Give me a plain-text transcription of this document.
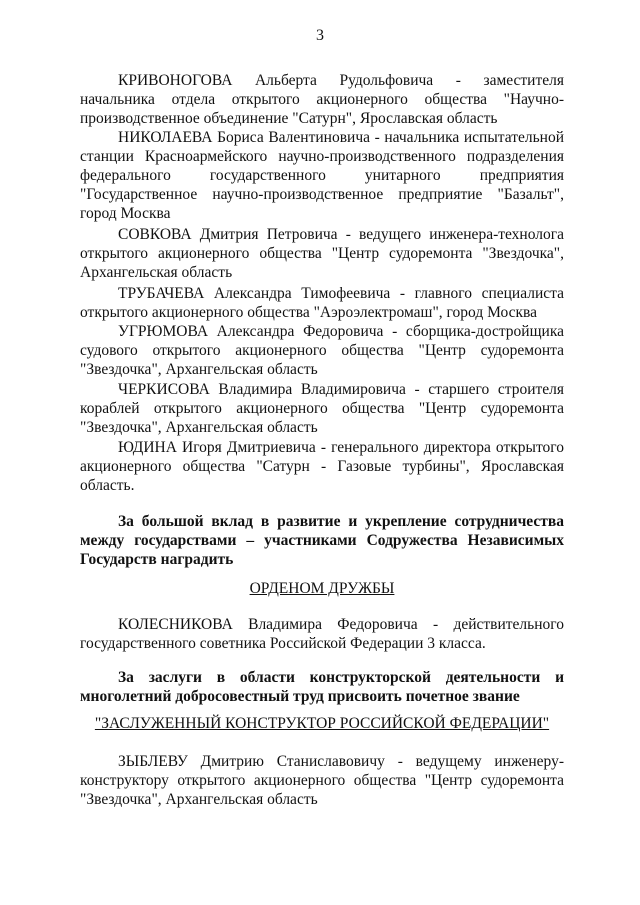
3
КРИВОНОГОВА Альберта Рудольфовича - заместителя начальника отдела открытого акционерного общества "Научно-производственное объединение "Сатурн", Ярославская область
НИКОЛАЕВА Бориса Валентиновича - начальника испытательной станции Красноармейского научно-производственного подразделения федерального государственного унитарного предприятия "Государственное научно-производственное предприятие "Базальт", город Москва
СОВКОВА Дмитрия Петровича - ведущего инженера-технолога открытого акционерного общества "Центр судоремонта "Звездочка", Архангельская область
ТРУБАЧЕВА Александра Тимофеевича - главного специалиста открытого акционерного общества "Аэроэлектромаш", город Москва
УГРЮМОВА Александра Федоровича - сборщика-достройщика судового открытого акционерного общества "Центр судоремонта "Звездочка", Архангельская область
ЧЕРКИСОВА Владимира Владимировича - старшего строителя кораблей открытого акционерного общества "Центр судоремонта "Звездочка", Архангельская область
ЮДИНА Игоря Дмитриевича - генерального директора открытого акционерного общества "Сатурн - Газовые турбины", Ярославская область.
За большой вклад в развитие и укрепление сотрудничества между государствами – участниками Содружества Независимых Государств наградить
ОРДЕНОМ ДРУЖБЫ
КОЛЕСНИКОВА Владимира Федоровича - действительного государственного советника Российской Федерации 3 класса.
За заслуги в области конструкторской деятельности и многолетний добросовестный труд присвоить почетное звание
"ЗАСЛУЖЕННЫЙ КОНСТРУКТОР РОССИЙСКОЙ ФЕДЕРАЦИИ"
ЗЫБЛЕВУ Дмитрию Станиславовичу - ведущему инженеру-конструктору открытого акционерного общества "Центр судоремонта "Звездочка", Архангельская область
